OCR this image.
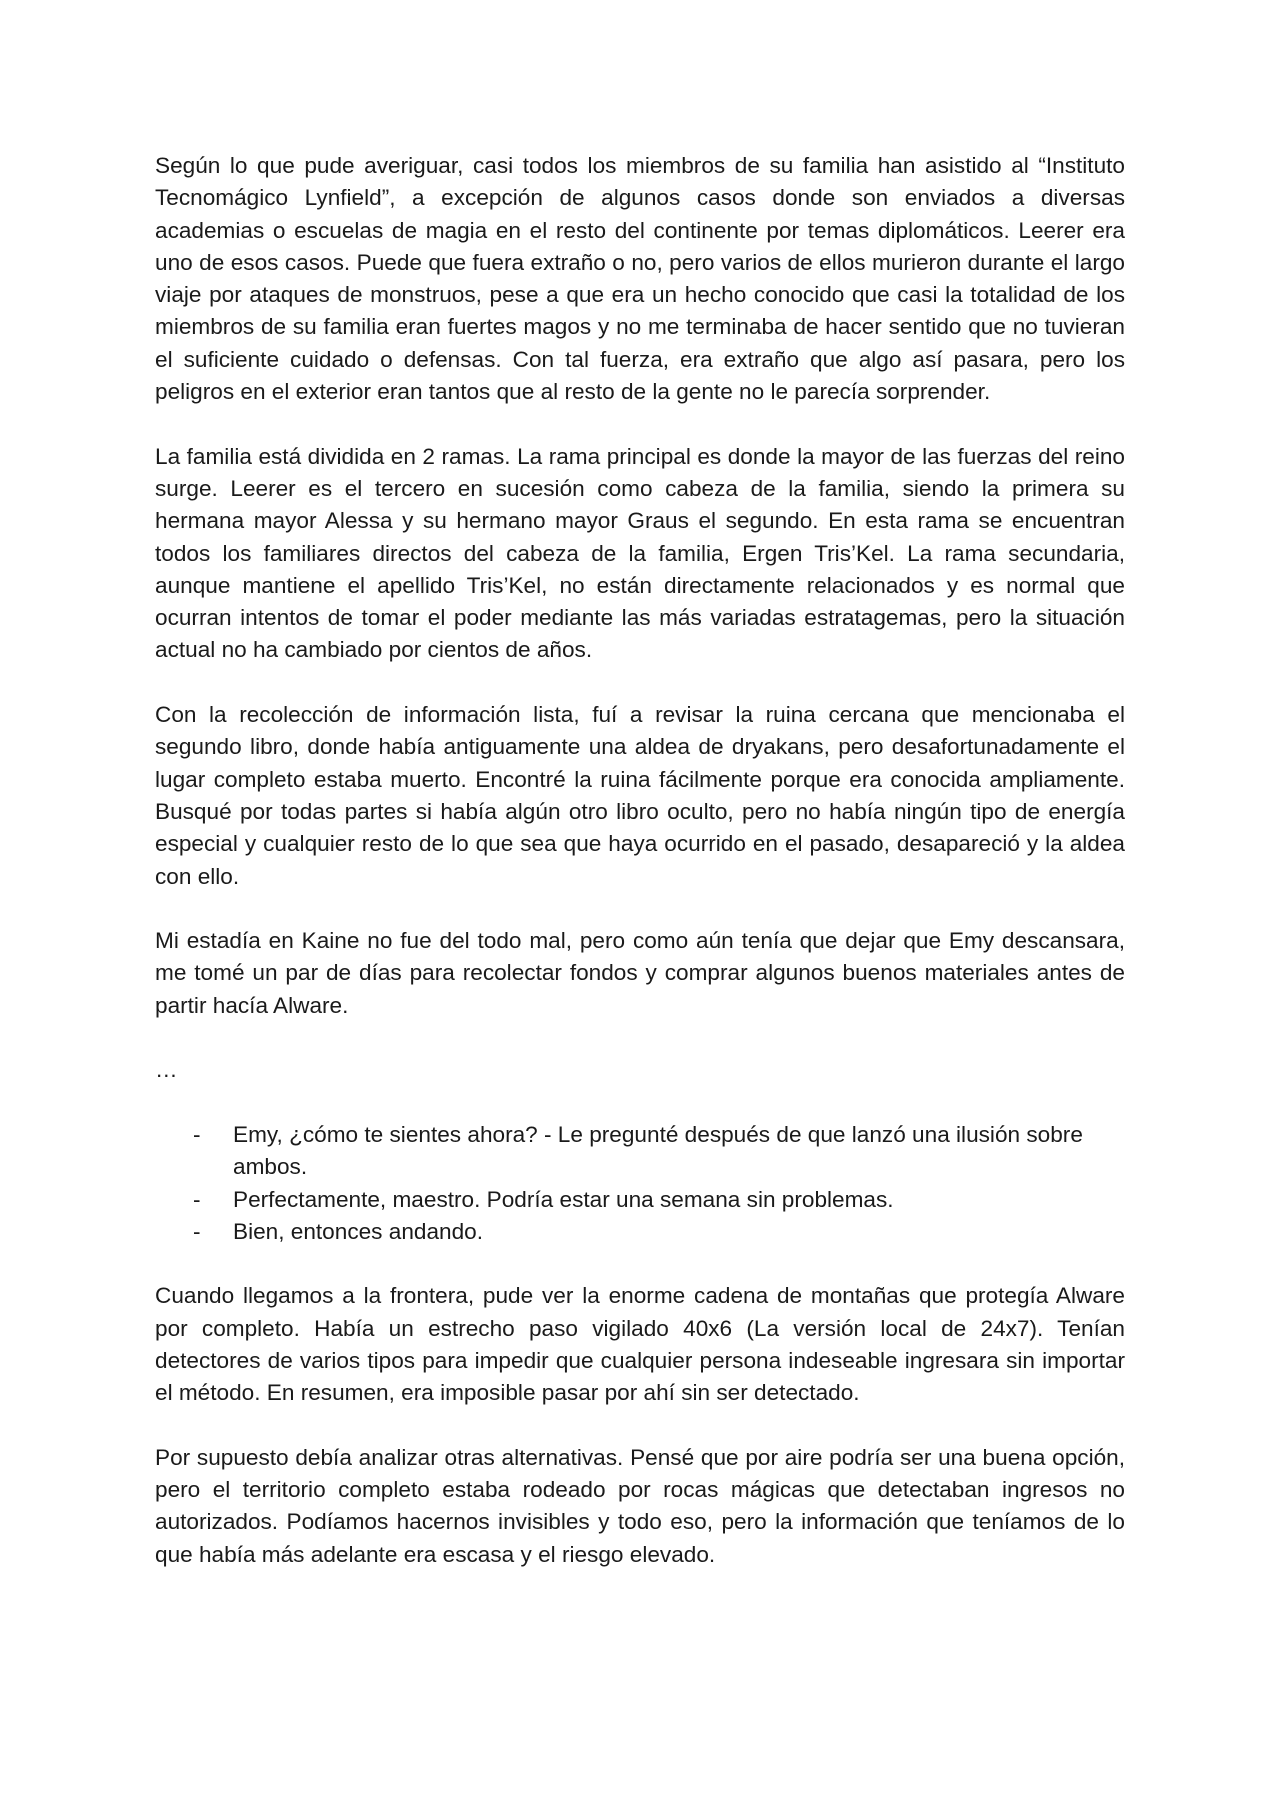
Según lo que pude averiguar, casi todos los miembros de su familia han asistido al “Instituto Tecnomágico Lynfield”, a excepción de algunos casos donde son enviados a diversas academias o escuelas de magia en el resto del continente por temas diplomáticos. Leerer era uno de esos casos. Puede que fuera extraño o no, pero varios de ellos murieron durante el largo viaje por ataques de monstruos, pese a que era un hecho conocido que casi la totalidad de los miembros de su familia eran fuertes magos y no me terminaba de hacer sentido que no tuvieran el suficiente cuidado o defensas. Con tal fuerza, era extraño que algo así pasara, pero los peligros en el exterior eran tantos que al resto de la gente no le parecía sorprender.

La familia está dividida en 2 ramas. La rama principal es donde la mayor de las fuerzas del reino surge. Leerer es el tercero en sucesión como cabeza de la familia, siendo la primera su hermana mayor Alessa y su hermano mayor Graus el segundo. En esta rama se encuentran todos los familiares directos del cabeza de la familia, Ergen Tris’Kel. La rama secundaria, aunque mantiene el apellido Tris’Kel, no están directamente relacionados y es normal que ocurran intentos de tomar el poder mediante las más variadas estratagemas, pero la situación actual no ha cambiado por cientos de años.

Con la recolección de información lista, fuí a revisar la ruina cercana que mencionaba el segundo libro, donde había antiguamente una aldea de dryakans, pero desafortunadamente el lugar completo estaba muerto. Encontré la ruina fácilmente porque era conocida ampliamente. Busqué por todas partes si había algún otro libro oculto, pero no había ningún tipo de energía especial y cualquier resto de lo que sea que haya ocurrido en el pasado, desapareció y la aldea con ello.

Mi estadía en Kaine no fue del todo mal, pero como aún tenía que dejar que Emy descansara, me tomé un par de días para recolectar fondos y comprar algunos buenos materiales antes de partir hacía Alware.

…

- Emy, ¿cómo te sientes ahora? - Le pregunté después de que lanzó una ilusión sobre ambos.
- Perfectamente, maestro. Podría estar una semana sin problemas.
- Bien, entonces andando.

Cuando llegamos a la frontera, pude ver la enorme cadena de montañas que protegía Alware por completo. Había un estrecho paso vigilado 40x6 (La versión local de 24x7). Tenían detectores de varios tipos para impedir que cualquier persona indeseable ingresara sin importar el método. En resumen, era imposible pasar por ahí sin ser detectado.

Por supuesto debía analizar otras alternativas. Pensé que por aire podría ser una buena opción, pero el territorio completo estaba rodeado por rocas mágicas que detectaban ingresos no autorizados. Podíamos hacernos invisibles y todo eso, pero la información que teníamos de lo que había más adelante era escasa y el riesgo elevado.
